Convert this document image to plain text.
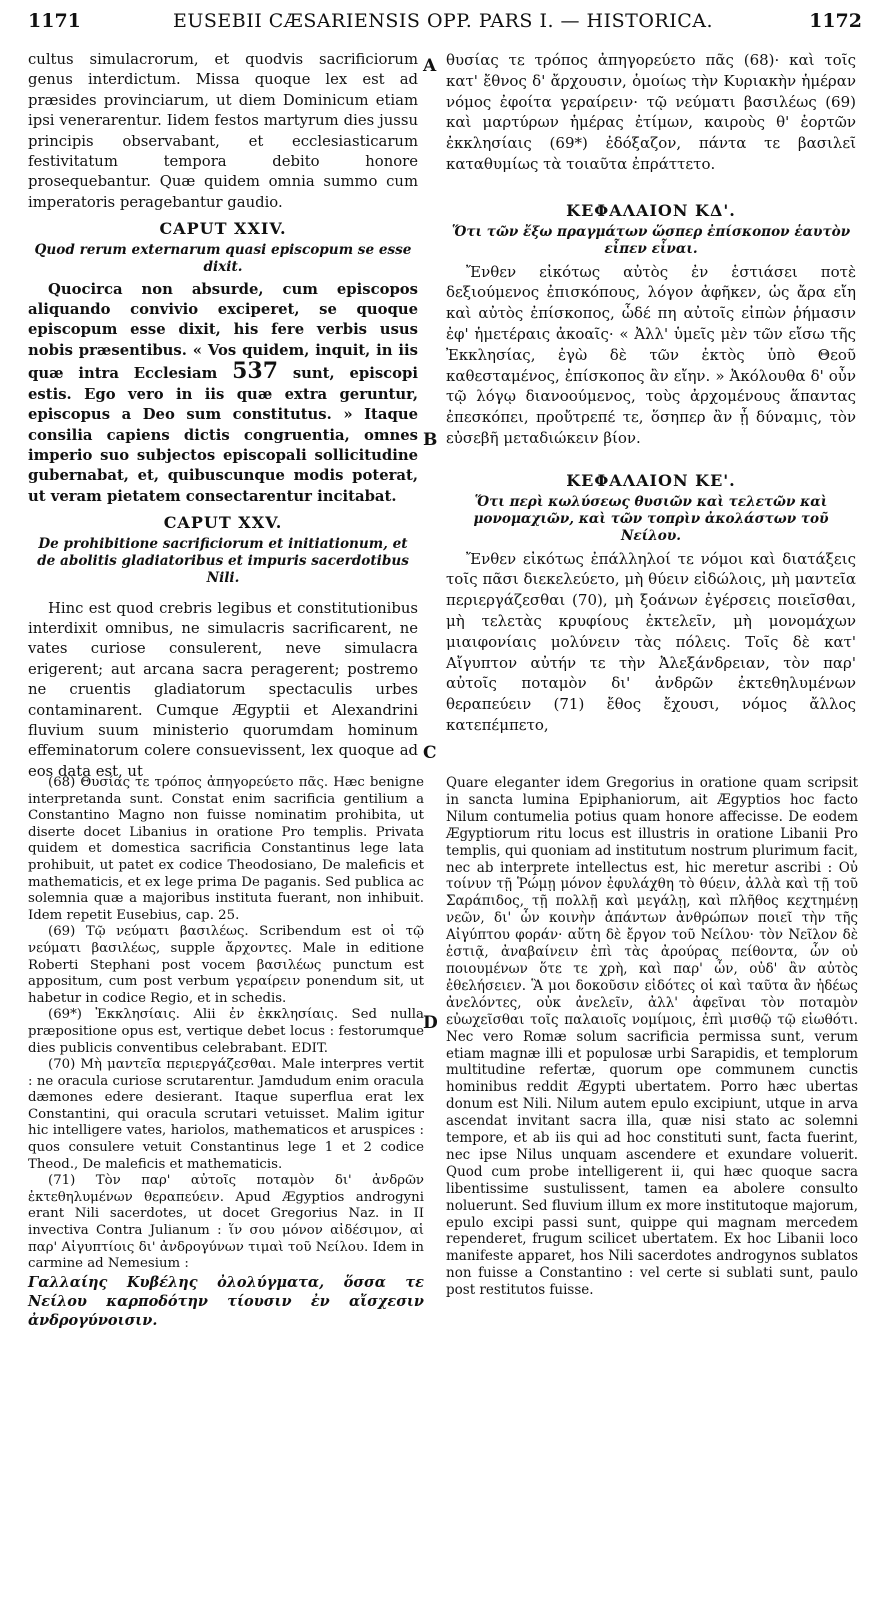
1171	EUSEBII CÆSARIENSIS OPP. PARS I. — HISTORICA.	1172
A
B
C
D

cultus simulacrorum, et quodvis sacrificiorum genus interdictum. Missa quoque lex est ad præsides provinciarum, ut diem Dominicum etiam ipsi venerarentur. Iidem festos martyrum dies jussu principis observabant, et ecclesiasticarum festivitatum tempora debito honore prosequebantur. Quæ quidem omnia summo cum imperatoris peragebantur gaudio.

CAPUT XXIV.
Quod rerum externarum quasi episcopum se esse dixit.

Quocirca non absurde, cum episcopos aliquando convivio exciperet, se quoque episcopum esse dixit, his fere verbis usus nobis præsentibus. « Vos quidem, inquit, in iis quæ intra Ecclesiam 537 sunt, episcopi estis. Ego vero in iis quæ extra geruntur, episcopus a Deo sum constitutus. » Itaque consilia capiens dictis congruentia, omnes imperio suo subjectos episcopali sollicitudine gubernabat, et, quibuscunque modis poterat, ut veram pietatem consectarentur incitabat.

CAPUT XXV.
De prohibitione sacrificiorum et initiationum, et de abolitis gladiatoribus et impuris sacerdotibus Nili.

Hinc est quod crebris legibus et constitutionibus interdixit omnibus, ne simulacris sacrificarent, ne vates curiose consulerent, neve simulacra erigerent; aut arcana sacra peragerent; postremo ne cruentis gladiatorum spectaculis urbes contaminarent. Cumque Ægyptii et Alexandrini fluvium suum ministerio quorumdam hominum effeminatorum colere consuevissent, lex quoque ad eos data est, ut

θυσίας τε τρόπος ἀπηγορεύετο πᾶς (68)· καὶ τοῖς κατ' ἔθνος δ' ἄρχουσιν, ὁμοίως τὴν Κυριακὴν ἡμέραν νόμος ἐφοίτα γεραίρειν· τῷ νεύματι βασιλέως (69) καὶ μαρτύρων ἡμέρας ἐτίμων, καιροὺς θ' ἑορτῶν ἐκκλησίαις (69*) ἐδόξαζον, πάντα τε βασιλεῖ καταθυμίως τὰ τοιαῦτα ἐπράττετο.

ΚΕΦΑΛΑΙΟΝ ΚΔ'.
Ὅτι τῶν ἔξω πραγμάτων ὥσπερ ἐπίσκοπον ἑαυτὸν εἶπεν εἶναι.

Ἔνθεν εἰκότως αὐτὸς ἐν ἑστιάσει ποτὲ δεξιούμενος ἐπισκόπους, λόγον ἀφῆκεν, ὡς ἄρα εἴη καὶ αὐτὸς ἐπίσκοπος, ὧδέ πη αὐτοῖς εἰπὼν ῥήμασιν ἐφ' ἡμετέραις ἀκοαῖς· « Ἀλλ' ὑμεῖς μὲν τῶν εἴσω τῆς Ἐκκλησίας, ἐγὼ δὲ τῶν ἐκτὸς ὑπὸ Θεοῦ καθεσταμένος, ἐπίσκοπος ἂν εἴην. » Ἀκόλουθα δ' οὖν τῷ λόγῳ διανοούμενος, τοὺς ἀρχομένους ἅπαντας ἐπεσκόπει, προὔτρεπέ τε, ὅσηπερ ἂν ᾖ δύναμις, τὸν εὐσεβῆ μεταδιώκειν βίον.

ΚΕΦΑΛΑΙΟΝ ΚΕ'.
Ὅτι περὶ κωλύσεως θυσιῶν καὶ τελετῶν καὶ μονομαχιῶν, καὶ τῶν τοπρὶν ἀκολάστων τοῦ Νείλου.

Ἔνθεν εἰκότως ἐπάλληλοί τε νόμοι καὶ διατάξεις τοῖς πᾶσι διεκελεύετο, μὴ θύειν εἰδώλοις, μὴ μαντεῖα περιεργάζεσθαι (70), μὴ ξοάνων ἐγέρσεις ποιεῖσθαι, μὴ τελετὰς κρυφίους ἐκτελεῖν, μὴ μονομάχων μιαιφονίαις μολύνειν τὰς πόλεις. Τοῖς δὲ κατ' Αἴγυπτον αὐτήν τε τὴν Ἀλεξάνδρειαν, τὸν παρ' αὐτοῖς ποταμὸν δι' ἀνδρῶν ἐκτεθηλυμένων θεραπεύειν (71) ἔθος ἔχουσι, νόμος ἄλλος κατεπέμπετο,

(68) Θυσίας τε τρόπος ἀπηγορεύετο πᾶς. Hæc benigne interpretanda sunt. Constat enim sacrificia gentilium a Constantino Magno non fuisse nominatim prohibita, ut diserte docet Libanius in oratione Pro templis. Privata quidem et domestica sacrificia Constantinus lege lata prohibuit, ut patet ex codice Theodosiano, De maleficis et mathematicis, et ex lege prima De paganis. Sed publica ac solemnia quæ a majoribus instituta fuerant, non inhibuit. Idem repetit Eusebius, cap. 25.

(69) Τῷ νεύματι βασιλέως. Scribendum est οἱ τῷ νεύματι βασιλέως, supple ἄρχοντες. Male in editione Roberti Stephani post vocem βασιλέως punctum est appositum, cum post verbum γεραίρειν ponendum sit, ut habetur in codice Regio, et in schedis.

(69*) Ἐκκλησίαις. Alii ἐν ἐκκλησίαις. Sed nulla præpositione opus est, vertique debet locus : festorumque dies publicis conventibus celebrabant. EDIT.

(70) Μὴ μαντεῖα περιεργάζεσθαι. Male interpres vertit : ne oracula curiose scrutarentur. Jamdudum enim oracula dæmones edere desierant. Itaque superflua erat lex Constantini, qui oracula scrutari vetuisset. Malim igitur hic intelligere vates, hariolos, mathematicos et aruspices : quos consulere vetuit Constantinus lege 1 et 2 codice Theod., De maleficis et mathematicis.

(71) Τὸν παρ' αὐτοῖς ποταμὸν δι' ἀνδρῶν ἐκτεθηλυμένων θεραπεύειν. Apud Ægyptios androgyni erant Nili sacerdotes, ut docet Gregorius Naz. in II invectiva Contra Julianum : ἵν σου μόνον αἰδέσιμον, αἱ παρ' Αἰγυπτίοις δι' ἀνδρογύνων τιμαὶ τοῦ Νείλου. Idem in carmine ad Nemesium :

Γαλλαίης Κυβέλης ὀλολύγματα, ὅσσα τε Νείλου καρποδότην τίουσιν ἐν αἴσχεσιν ἀνδρογύνοισιν.

Quare eleganter idem Gregorius in oratione quam scripsit in sancta lumina Epiphaniorum, ait Ægyptios hoc facto Nilum contumelia potius quam honore affecisse. De eodem Ægyptiorum ritu locus est illustris in oratione Libanii Pro templis, qui quoniam ad institutum nostrum plurimum facit, nec ab interprete intellectus est, hic meretur ascribi : Οὐ τοίνυν τῇ Ῥώμῃ μόνον ἐφυλάχθη τὸ θύειν, ἀλλὰ καὶ τῇ τοῦ Σαράπιδος, τῇ πολλῇ καὶ μεγάλῃ, καὶ πλῆθος κεχτημένῃ νεῶν, δι' ὧν κοινὴν ἁπάντων ἀνθρώπων ποιεῖ τὴν τῆς Αἰγύπτου φοράν· αὕτη δὲ ἔργον τοῦ Νείλου· τὸν Νεῖλον δὲ ἑστιᾷ, ἀναβαίνειν ἐπὶ τὰς ἀρούρας πείθοντα, ὧν οὐ ποιουμένων ὅτε τε χρὴ, καὶ παρ' ὧν, οὐδ' ἂν αὐτὸς ἐθελήσειεν. Ἃ μοι δοκοῦσιν εἰδότες οἱ καὶ ταῦτα ἂν ἡδέως ἀνελόντες, οὐκ ἀνελεῖν, ἀλλ' ἀφεῖναι τὸν ποταμὸν εὐωχεῖσθαι τοῖς παλαιοῖς νομίμοις, ἐπὶ μισθῷ τῷ εἰωθότι. Nec vero Romæ solum sacrificia permissa sunt, verum etiam magnæ illi et populosæ urbi Sarapidis, et templorum multitudine refertæ, quorum ope communem cunctis hominibus reddit Ægypti ubertatem. Porro hæc ubertas donum est Nili. Nilum autem epulo excipiunt, utque in arva ascendat invitant sacra illa, quæ nisi stato ac solemni tempore, et ab iis qui ad hoc constituti sunt, facta fuerint, nec ipse Nilus unquam ascendere et exundare voluerit. Quod cum probe intelligerent ii, qui hæc quoque sacra libentissime sustulissent, tamen ea abolere consulto noluerunt. Sed fluvium illum ex more institutoque majorum, epulo excipi passi sunt, quippe qui magnam mercedem rependeret, frugum scilicet ubertatem. Ex hoc Libanii loco manifeste apparet, hos Nili sacerdotes androgynos sublatos non fuisse a Constantino : vel certe si sublati sunt, paulo post restitutos fuisse.
